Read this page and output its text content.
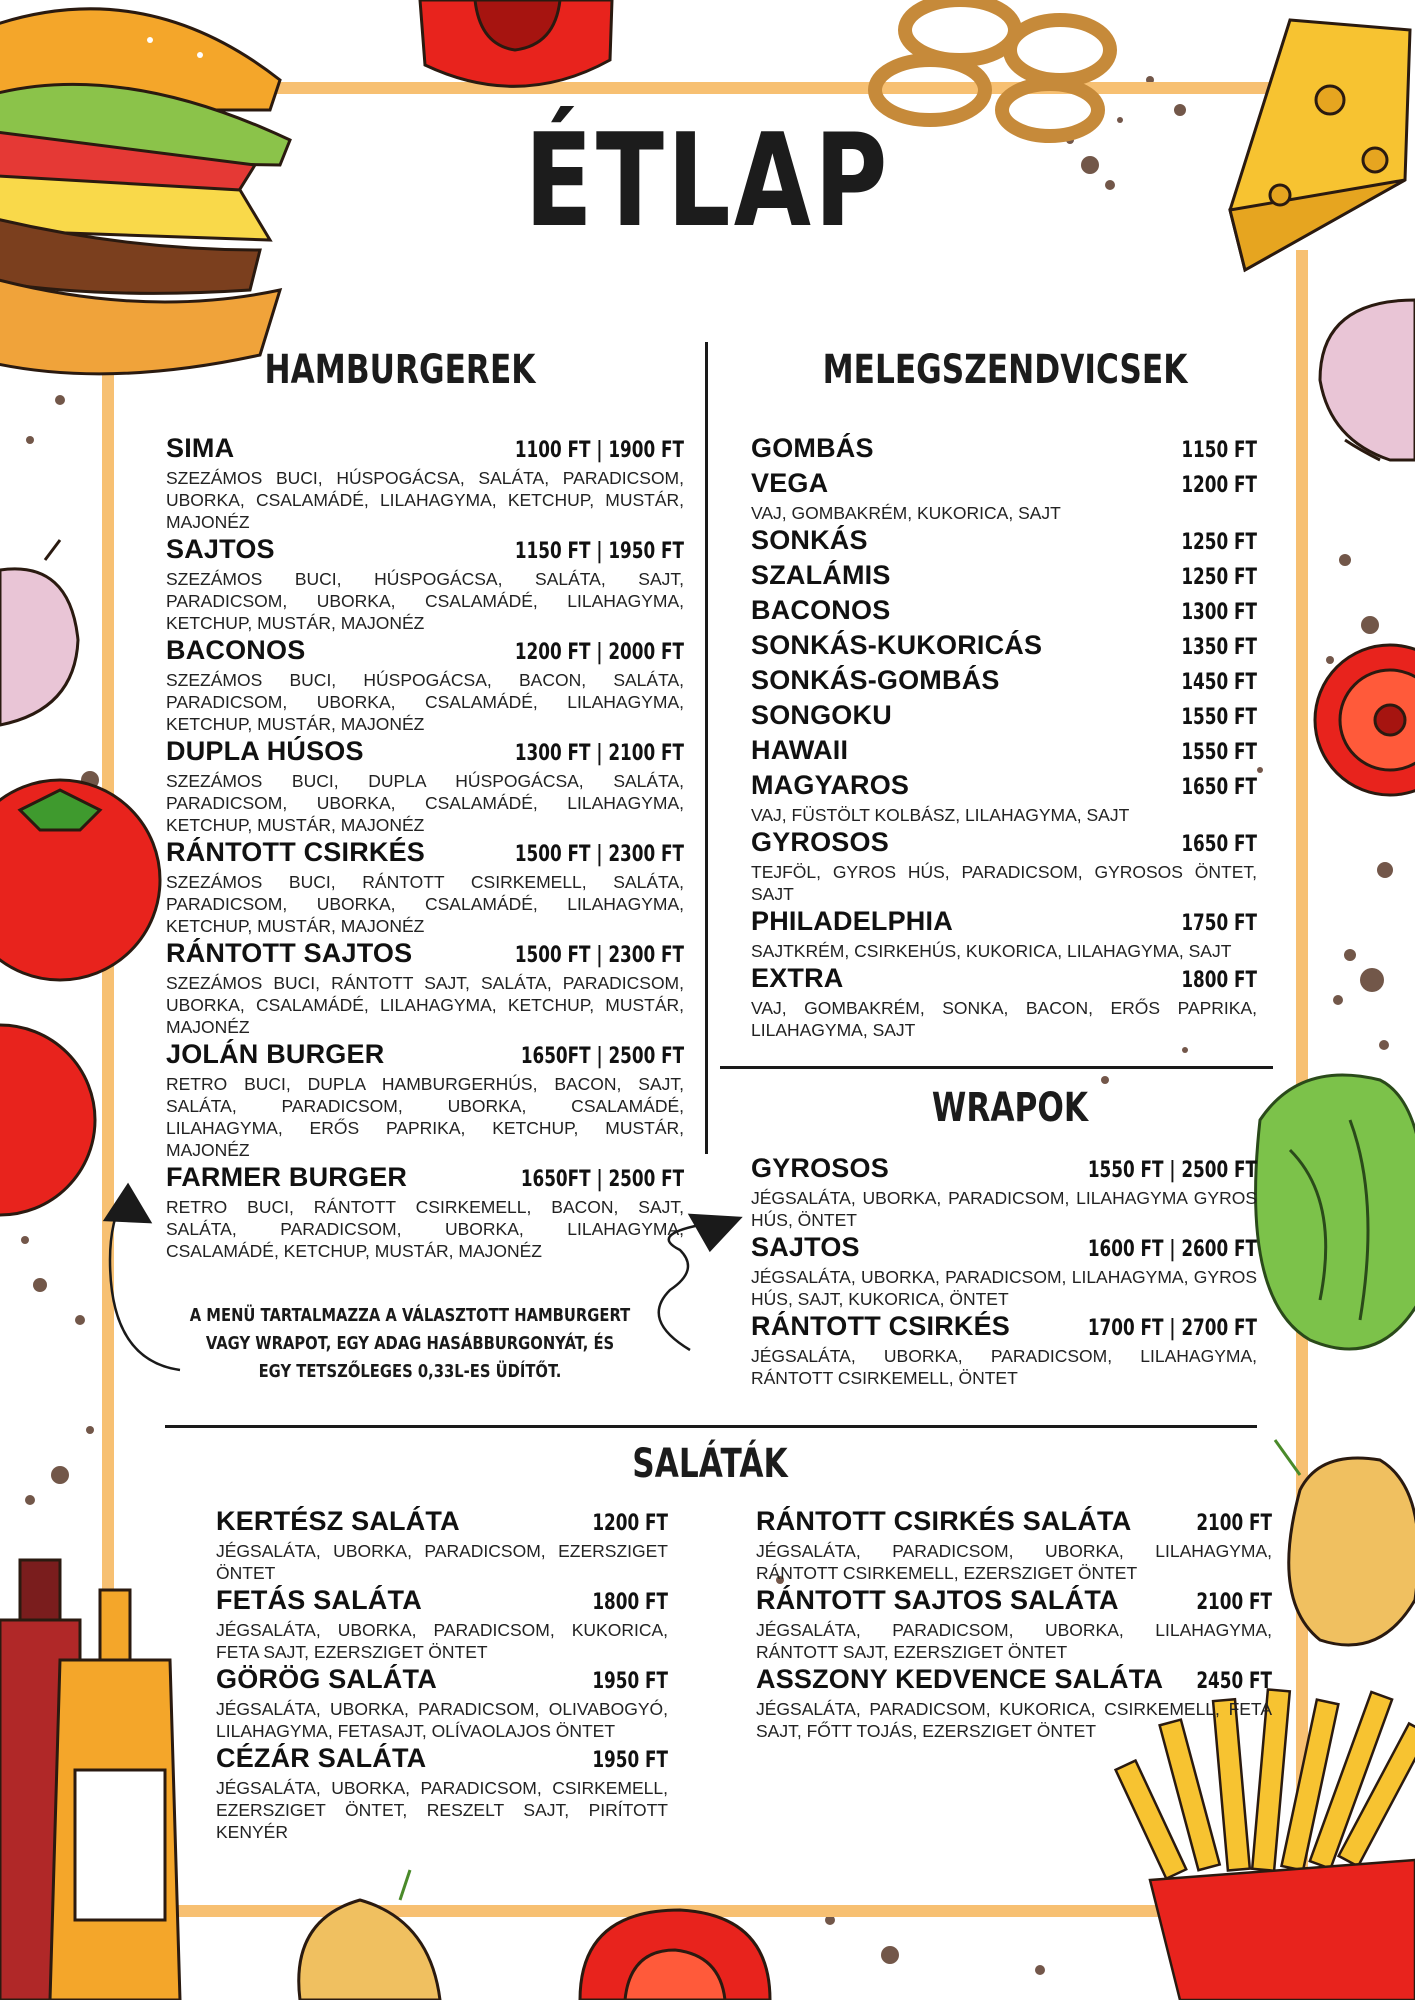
ÉTLAP
HAMBURGEREK
SIMA	1100 FT | 1900 FT
SZEZÁMOS BUCI, HÚSPOGÁCSA, SALÁTA, PARADICSOM, UBORKA, CSALAMÁDÉ, LILAHAGYMA, KETCHUP, MUSTÁR, MAJONÉZ
SAJTOS	1150 FT | 1950 FT
SZEZÁMOS BUCI, HÚSPOGÁCSA, SALÁTA, SAJT, PARADICSOM, UBORKA, CSALAMÁDÉ, LILAHAGYMA, KETCHUP, MUSTÁR, MAJONÉZ
BACONOS	1200 FT | 2000 FT
SZEZÁMOS BUCI, HÚSPOGÁCSA, BACON, SALÁTA, PARADICSOM, UBORKA, CSALAMÁDÉ, LILAHAGYMA, KETCHUP, MUSTÁR, MAJONÉZ
DUPLA HÚSOS	1300 FT | 2100 FT
SZEZÁMOS BUCI, DUPLA HÚSPOGÁCSA, SALÁTA, PARADICSOM, UBORKA, CSALAMÁDÉ, LILAHAGYMA, KETCHUP, MUSTÁR, MAJONÉZ
RÁNTOTT CSIRKÉS	1500 FT | 2300 FT
SZEZÁMOS BUCI, RÁNTOTT CSIRKEMELL, SALÁTA, PARADICSOM, UBORKA, CSALAMÁDÉ, LILAHAGYMA, KETCHUP, MUSTÁR, MAJONÉZ
RÁNTOTT SAJTOS	1500 FT | 2300 FT
SZEZÁMOS BUCI, RÁNTOTT SAJT, SALÁTA, PARADICSOM, UBORKA, CSALAMÁDÉ, LILAHAGYMA, KETCHUP, MUSTÁR, MAJONÉZ
JOLÁN BURGER	1650FT | 2500 FT
RETRO BUCI, DUPLA HAMBURGERHÚS, BACON, SAJT, SALÁTA, PARADICSOM, UBORKA, CSALAMÁDÉ, LILAHAGYMA, ERŐS PAPRIKA, KETCHUP, MUSTÁR, MAJONÉZ
FARMER BURGER	1650FT | 2500 FT
RETRO BUCI, RÁNTOTT CSIRKEMELL, BACON, SAJT, SALÁTA, PARADICSOM, UBORKA, LILAHAGYMA, CSALAMÁDÉ, KETCHUP, MUSTÁR, MAJONÉZ
MELEGSZENDVICSEK
GOMBÁS	1150 FT
VEGA	1200 FT
VAJ, GOMBAKRÉM, KUKORICA, SAJT
SONKÁS	1250 FT
SZALÁMIS	1250 FT
BACONOS	1300 FT
SONKÁS-KUKORICÁS	1350 FT
SONKÁS-GOMBÁS	1450 FT
SONGOKU	1550 FT
HAWAII	1550 FT
MAGYAROS	1650 FT
VAJ, FÜSTÖLT KOLBÁSZ, LILAHAGYMA, SAJT
GYROSOS	1650 FT
TEJFÖL, GYROS HÚS, PARADICSOM, GYROSOS ÖNTET, SAJT
PHILADELPHIA	1750 FT
SAJTKRÉM, CSIRKEHÚS, KUKORICA, LILAHAGYMA, SAJT
EXTRA	1800 FT
VAJ, GOMBAKRÉM, SONKA, BACON, ERŐS PAPRIKA, LILAHAGYMA, SAJT
WRAPOK
GYROSOS	1550 FT | 2500 FT
JÉGSALÁTA, UBORKA, PARADICSOM, LILAHAGYMA GYROS HÚS, ÖNTET
SAJTOS	1600 FT | 2600 FT
JÉGSALÁTA, UBORKA, PARADICSOM, LILAHAGYMA, GYROS HÚS, SAJT, KUKORICA, ÖNTET
RÁNTOTT CSIRKÉS	1700 FT | 2700 FT
JÉGSALÁTA, UBORKA, PARADICSOM, LILAHAGYMA, RÁNTOTT CSIRKEMELL, ÖNTET
A MENÜ TARTALMAZZA A VÁLASZTOTT HAMBURGERT
VAGY WRAPOT, EGY ADAG HASÁBBURGONYÁT, ÉS
EGY TETSZŐLEGES 0,33L-ES ÜDÍTŐT.
SALÁTÁK
KERTÉSZ SALÁTA	1200 FT
JÉGSALÁTA, UBORKA, PARADICSOM, EZERSZIGET ÖNTET
FETÁS SALÁTA	1800 FT
JÉGSALÁTA, UBORKA, PARADICSOM, KUKORICA, FETA SAJT, EZERSZIGET ÖNTET
GÖRÖG SALÁTA	1950 FT
JÉGSALÁTA, UBORKA, PARADICSOM, OLIVABOGYÓ, LILAHAGYMA, FETASAJT, OLÍVAOLAJOS ÖNTET
CÉZÁR SALÁTA	1950 FT
JÉGSALÁTA, UBORKA, PARADICSOM, CSIRKEMELL, EZERSZIGET ÖNTET, RESZELT SAJT, PIRÍTOTT KENYÉR
RÁNTOTT CSIRKÉS SALÁTA	2100 FT
JÉGSALÁTA, PARADICSOM, UBORKA, LILAHAGYMA, RÁNTOTT CSIRKEMELL, EZERSZIGET ÖNTET
RÁNTOTT SAJTOS SALÁTA	2100 FT
JÉGSALÁTA, PARADICSOM, UBORKA, LILAHAGYMA, RÁNTOTT SAJT, EZERSZIGET ÖNTET
ASSZONY KEDVENCE SALÁTA 2450 FT
JÉGSALÁTA, PARADICSOM, KUKORICA, CSIRKEMELL, FETA SAJT, FŐTT TOJÁS, EZERSZIGET ÖNTET
